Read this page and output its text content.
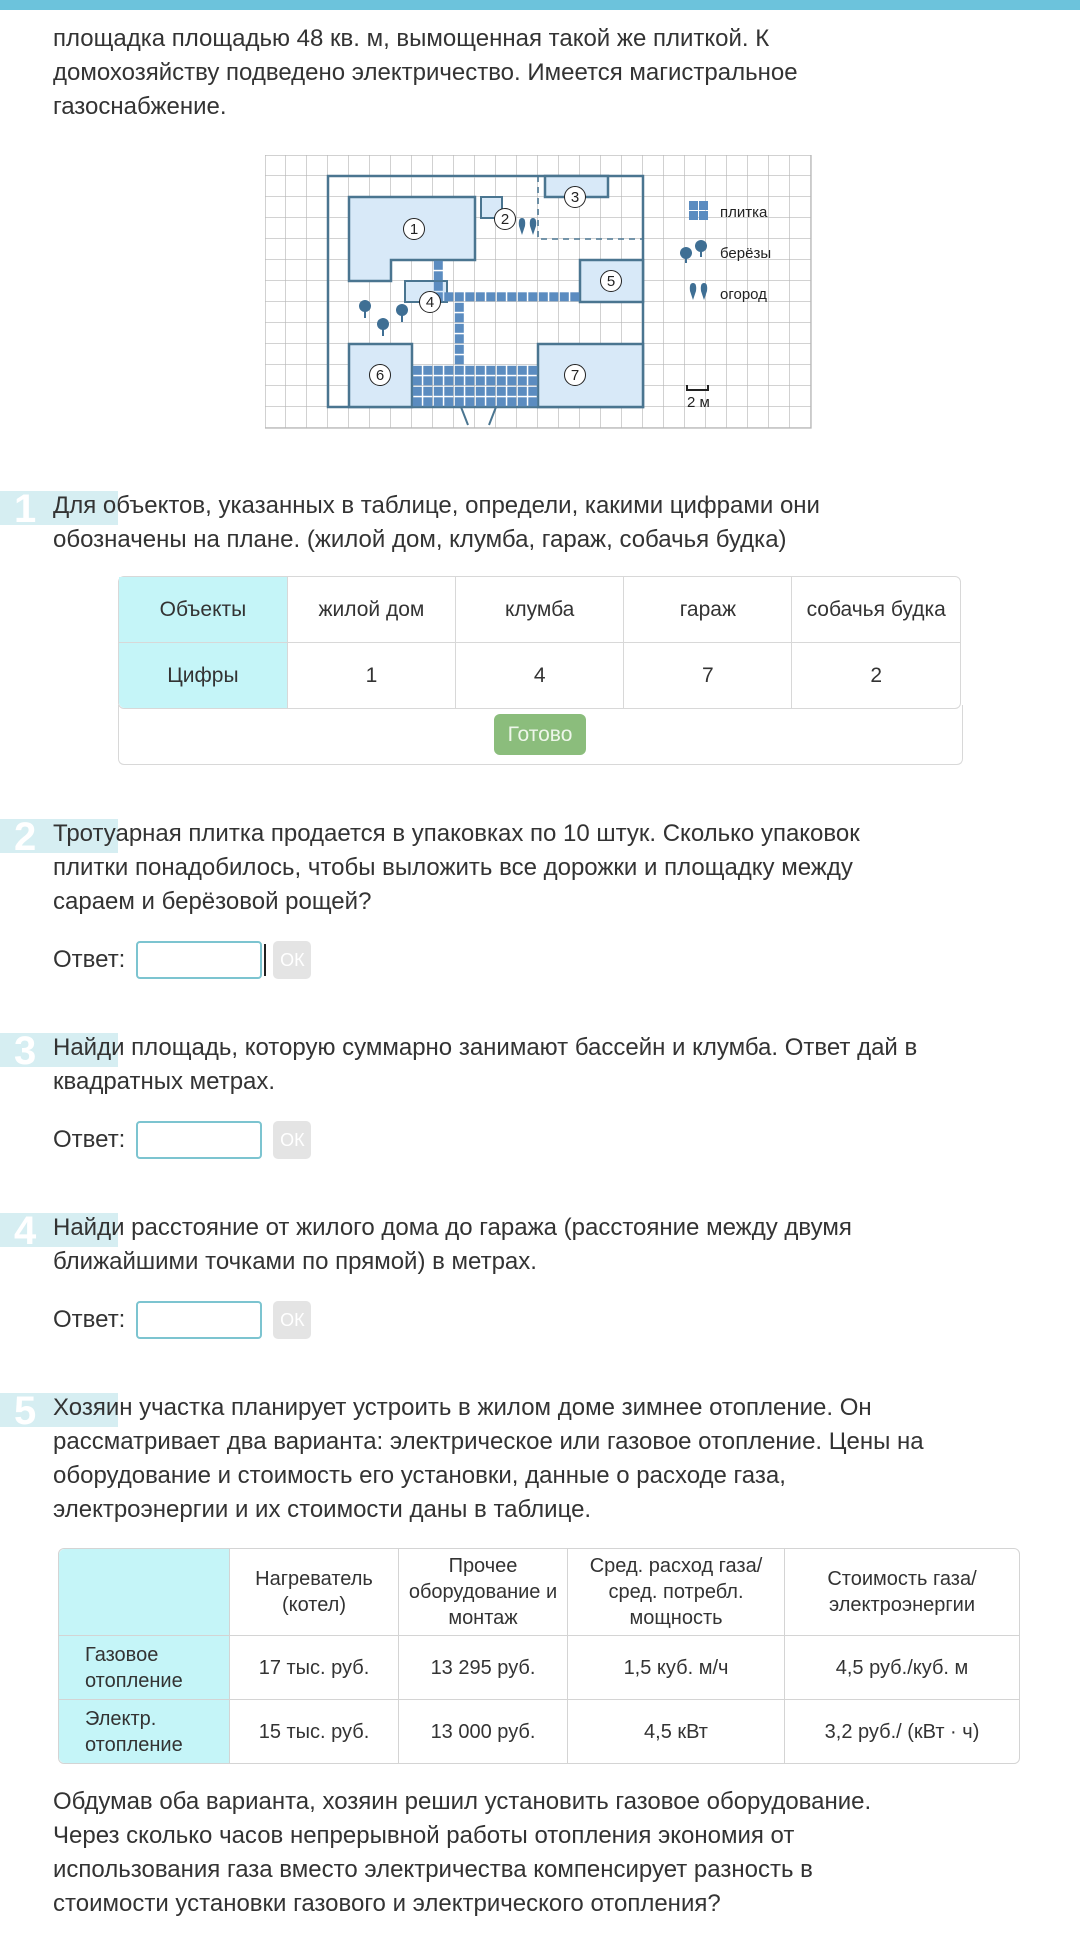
площадка площадью 48 кв. м, вымощенная такой же плиткой. К
домохозяйству подведено электричество. Имеется магистральное
газоснабжение.
1
2
3
4
5
6	7
плитка
берёзы
огород
2 м
1 Для объектов, указанных в таблице, определи, какими цифрами они
обозначены на плане. (жилой дом, клумба, гараж, собачья будка)
Объекты	жилой дом	клумба	гараж	собачья будка
Цифры	1	4	7	2
Готово
2 Тротуарная плитка продается в упаковках по 10 штук. Сколько упаковок
плитки понадобилось, чтобы выложить все дорожки и площадку между
сараем и берёзовой рощей?
Ответ:	ОК
3 Найди площадь, которую суммарно занимают бассейн и клумба. Ответ дай в
квадратных метрах.
Ответ:	ОК
4 Найди расстояние от жилого дома до гаража (расстояние между двумя
ближайшими точками по прямой) в метрах.
Ответ:	ОК
5 Хозяин участка планирует устроить в жилом доме зимнее отопление. Он
рассматривает два варианта: электрическое или газовое отопление. Цены на
оборудование и стоимость его установки, данные о расходе газа,
электроэнергии и их стоимости даны в таблице.
	Нагреватель (котел)	Прочее оборудование и монтаж	Сред. расход газа/сред. потребл. мощность	Стоимость газа/электроэнергии
Газовое отопление	17 тыс. руб.	13 295 руб.	1,5 куб. м/ч	4,5 руб./куб. м
Электр. отопление	15 тыс. руб.	13 000 руб.	4,5 кВт	3,2 руб./ (кВт · ч)
Обдумав оба варианта, хозяин решил установить газовое оборудование.
Через сколько часов непрерывной работы отопления экономия от
использования газа вместо электричества компенсирует разность в
стоимости установки газового и электрического отопления?
